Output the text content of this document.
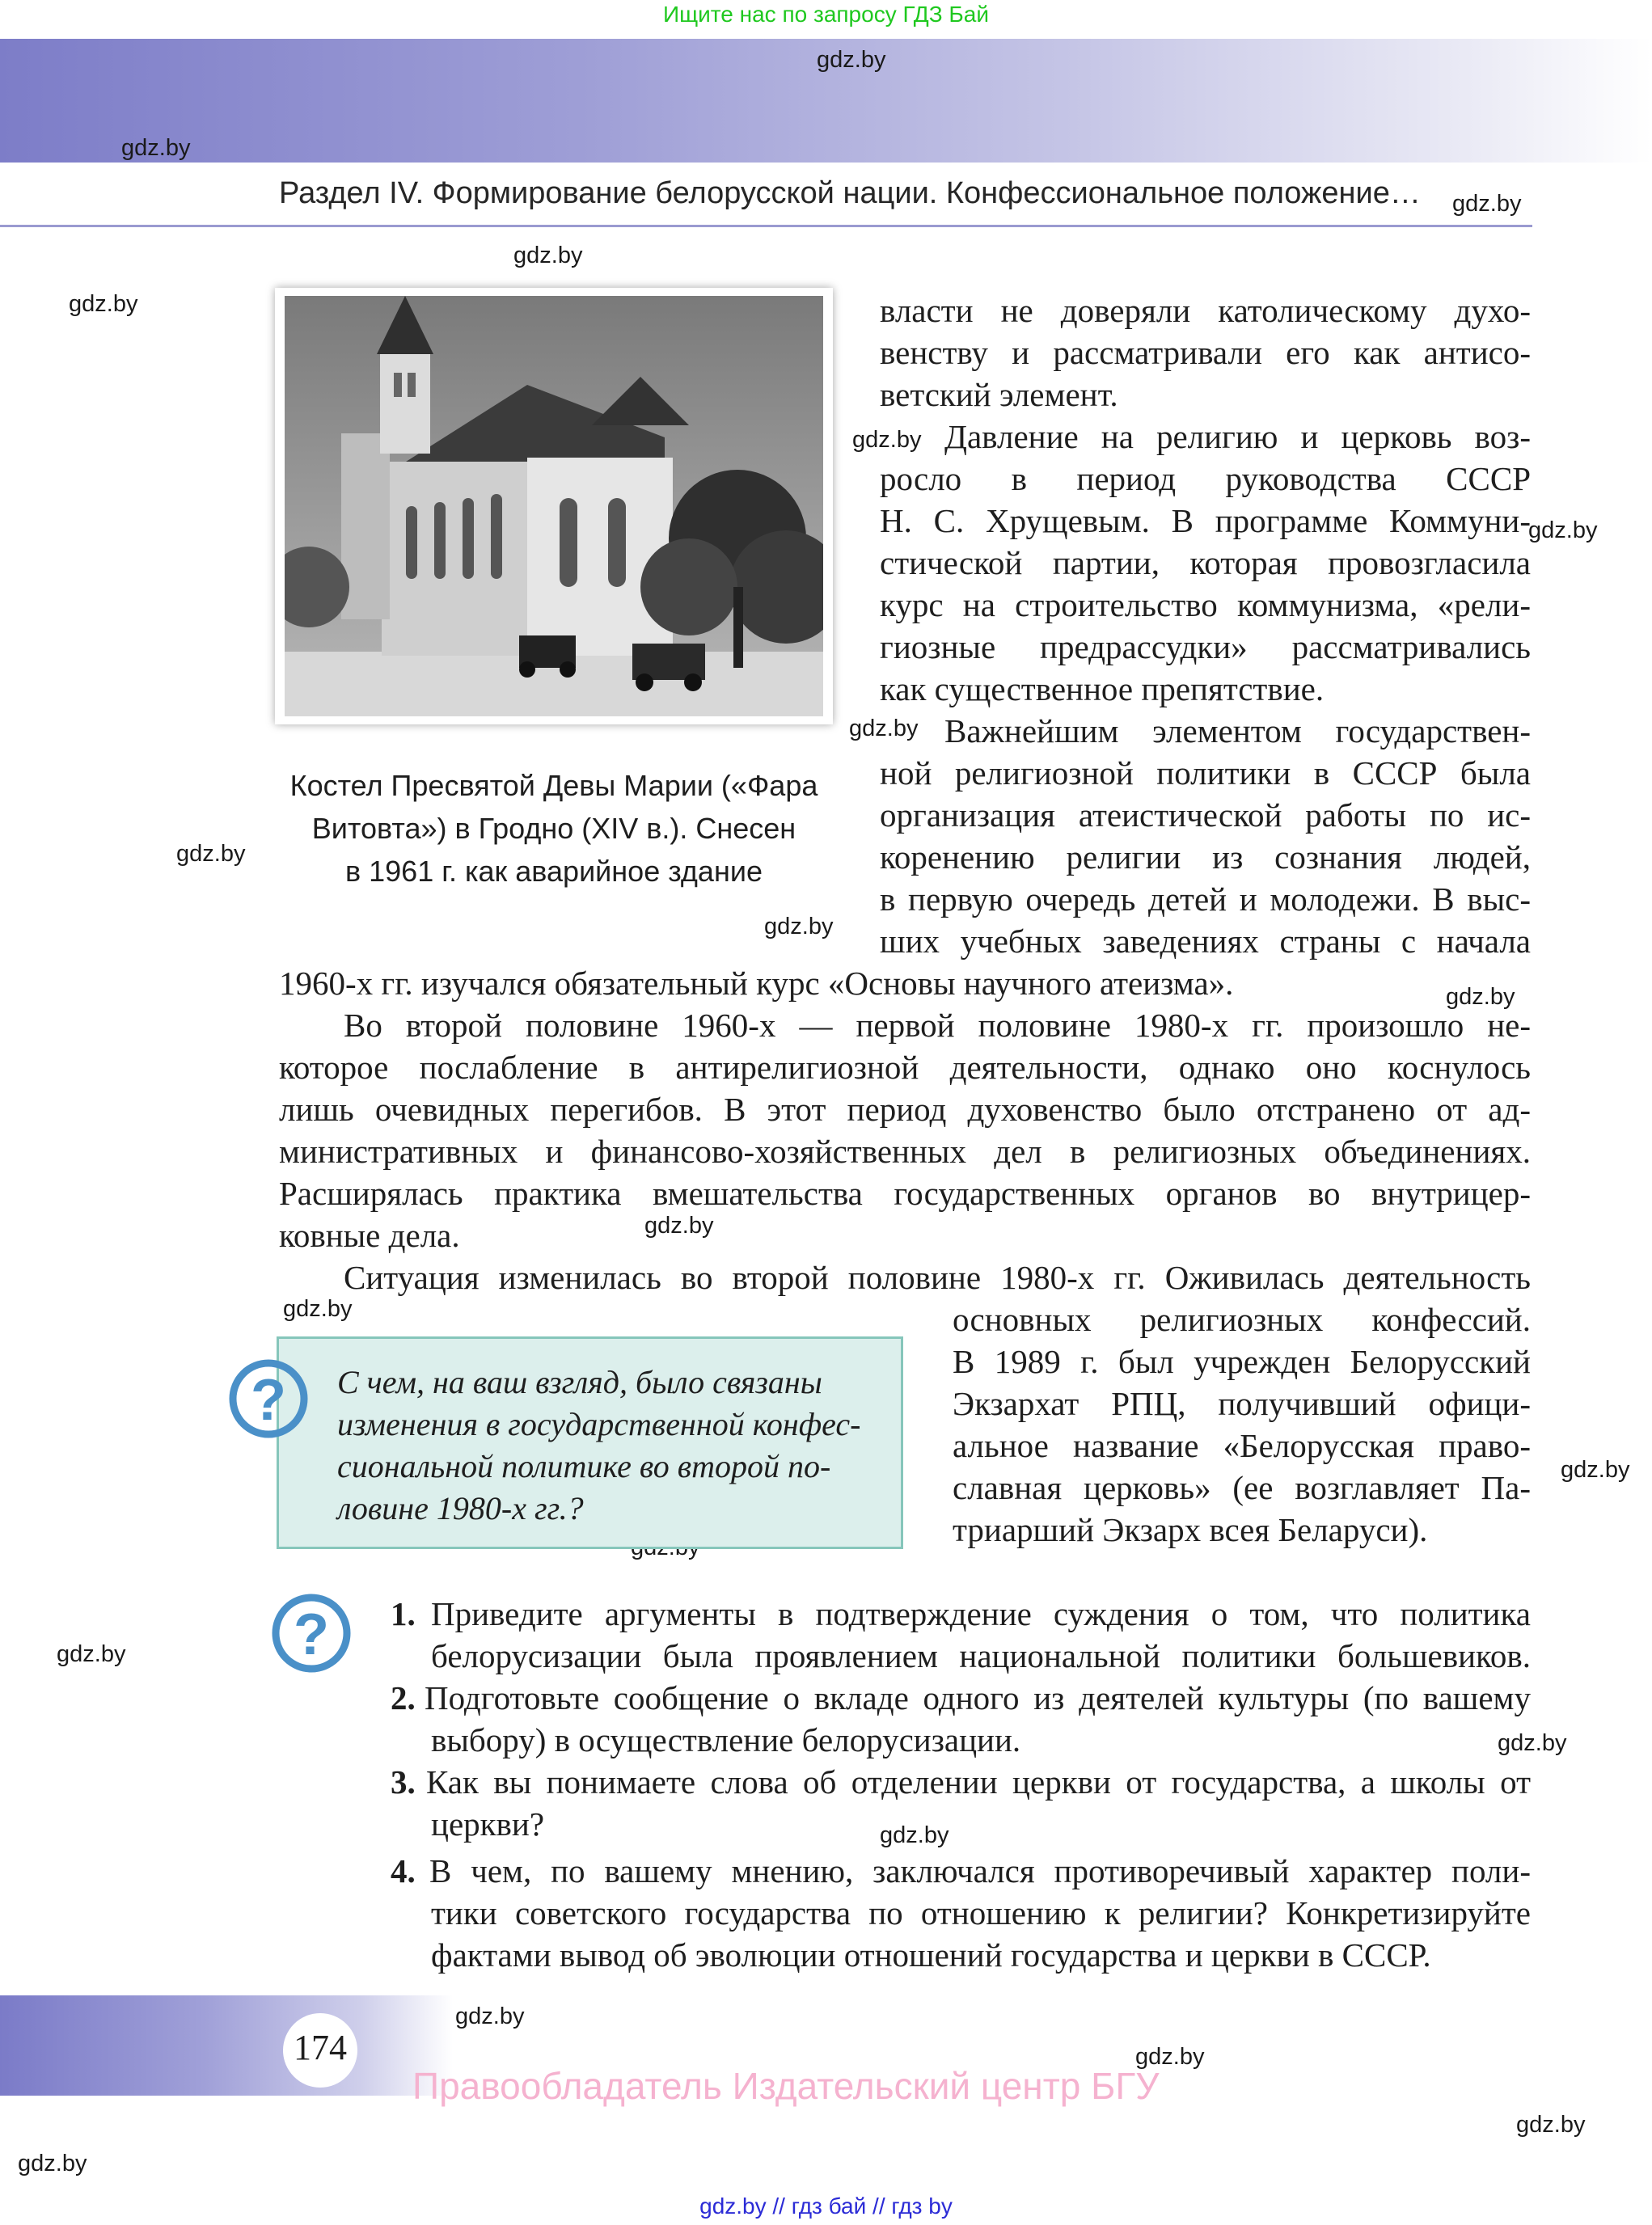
Ищите нас по запросу ГДЗ Бай
Раздел IV. Формирование белорусской нации. Конфессиональное положение…
gdz.by
gdz.by
gdz.by
gdz.by
gdz.by
gdz.by
gdz.by
gdz.by
gdz.by
gdz.by
gdz.by
gdz.by
gdz.by
gdz.by
gdz.by
gdz.by
gdz.by
gdz.by
gdz.by
gdz.by
gdz.by
Костел Пресвятой Девы Марии («Фара
Витовта») в Гродно (XIV в.). Снесен
в 1961 г. как аварийное здание
власти не доверяли католическому духо-
венству и рассматривали его как антисо-
ветский элемент.
Давление на религию и церковь воз-
росло в период руководства СССР
Н. С. Хрущевым. В программе Коммуни-
стической партии, которая провозгласила
курс на строительство коммунизма, «рели-
гиозные предрассудки» рассматривались
как существенное препятствие.
Важнейшим элементом государствен-
ной религиозной политики в СССР была
организация атеистической работы по ис-
коренению религии из сознания людей,
в первую очередь детей и молодежи. В выс-
ших учебных заведениях страны с начала
1960-х гг. изучался обязательный курс «Основы научного атеизма».
Во второй половине 1960-х — первой половине 1980-х гг. произошло не-
которое послабление в антирелигиозной деятельности, однако оно коснулось
лишь очевидных перегибов. В этот период духовенство было отстранено от ад-
министративных и финансово-хозяйственных дел в религиозных объединениях.
Расширялась практика вмешательства государственных органов во внутрицер-
ковные дела.
Ситуация изменилась во второй половине 1980-х гг. Оживилась деятельность
основных религиозных конфессий.
В 1989 г. был учрежден Белорусский
Экзархат РПЦ, получивший офици-
альное название «Белорусская право-
славная церковь» (ее возглавляет Па-
триарший Экзарх всея Беларуси).
С чем, на ваш взгляд, было связаны
изменения в государственной конфес-
сиональной политике во второй по-
ловине 1980-х гг.?
?
? 1. Приведите аргументы в подтверждение суждения о том, что политика
белорусизации была проявлением национальной политики большевиков.
2. Подготовьте сообщение о вкладе одного из деятелей культуры (по вашему
выбору) в осуществление белорусизации.
3. Как вы понимаете слова об отделении церкви от государства, а школы от
церкви?
4. В чем, по вашему мнению, заключался противоречивый характер поли-
тики советского государства по отношению к религии? Конкретизируйте
фактами вывод об эволюции отношений государства и церкви в СССР.
174
Правообладатель Издательский центр БГУ
gdz.by // гдз бай // гдз by
